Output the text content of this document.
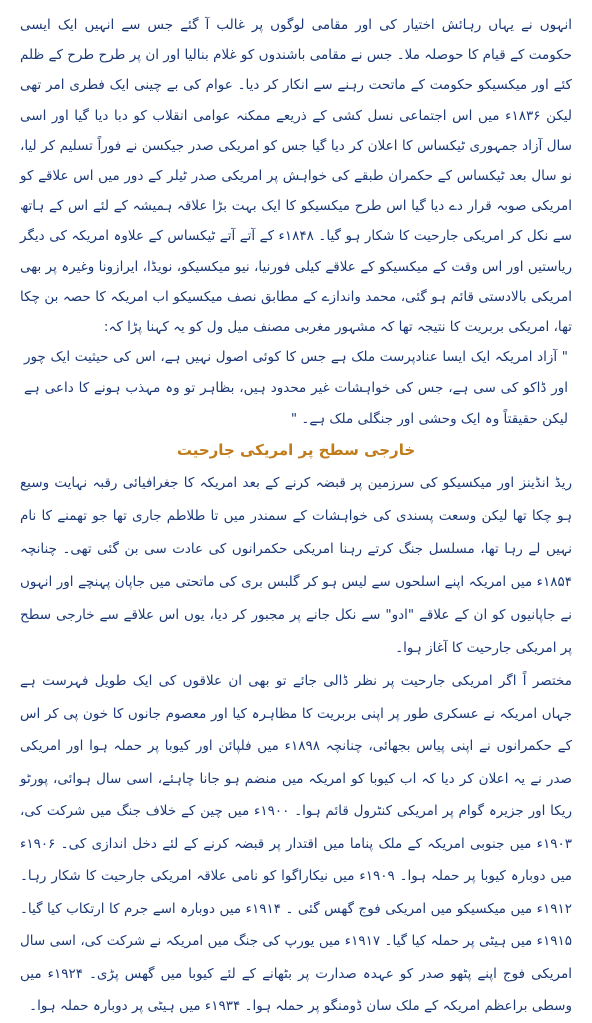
انہوں نے یہاں رہائش اختیار کی اور مقامی لوگوں پر غالب آ گئے جس سے انہیں ایک ایسی حکومت کے قیام کا حوصلہ ملا۔ جس نے مقامی باشندوں کو غلام بنالیا اور ان پر طرح طرح کے ظلم کئے اور میکسیکو حکومت کے ماتحت رہنے سے انکار کر دیا۔ عوام کی بے چینی ایک فطری امر تھی لیکن ۱۸۳۶ء میں اس اجتماعی نسل کشی کے ذریعے ممکنہ عوامی انقلاب کو دبا دیا گیا اور اسی سال آزاد جمہوری ٹیکساس کا اعلان کر دیا گیا جس کو امریکی صدر جیکسن نے فوراً تسلیم کر لیا، نو سال بعد ٹیکساس کے حکمران طبقے کی خواہش پر امریکی صدر ٹیلر کے دور میں اس علاقے کو امریکی صوبہ قرار دے دیا گیا اس طرح میکسیکو کا ایک بہت بڑا علاقہ ہمیشہ کے لئے اس کے ہاتھ سے نکل کر امریکی جارحیت کا شکار ہو گیا۔ ۱۸۴۸ء کے آتے آتے ٹیکساس کے علاوہ امریکہ کی دیگر ریاستیں اور اس وقت کے میکسیکو کے علاقے کیلی فورنیا، نیو میکسیکو، نویڈا، ایرازونا وغیرہ پر بھی امریکی بالادستی قائم ہو گئی، محمد واندازے کے مطابق نصف میکسیکو اب امریکہ کا حصہ بن چکا تھا، امریکی بربریت کا نتیجہ تھا کہ مشہور مغربی مصنف میل ول کو یہ کہنا پڑا کہ:

" آزاد امریکہ ایک ایسا عنادپرست ملک ہے جس کا کوئی اصول نہیں ہے، اس کی حیثیت ایک چور اور ڈاکو کی سی ہے، جس کی خواہشات غیر محدود ہیں، بظاہر تو وہ مہذب ہونے کا داعی ہے لیکن حقیقتاً وہ ایک وحشی اور جنگلی ملک ہے۔ "

خارجی سطح پر امریکی جارحیت

ریڈ انڈینز اور میکسیکو کی سرزمین پر قبضہ کرنے کے بعد امریکہ کا جغرافیائی رقبہ نہایت وسیع ہو چکا تھا لیکن وسعت پسندی کی خواہشات کے سمندر میں تا طلاطم جاری تھا جو تھمنے کا نام نہیں لے رہا تھا، مسلسل جنگ کرتے رہنا امریکی حکمرانوں کی عادت سی بن گئی تھی۔ چنانچہ ۱۸۵۴ء میں امریکہ اپنے اسلحوں سے لیس ہو کر گلبس بری کی ماتحتی میں جاپان پہنچے اور انہوں نے جاپانیوں کو ان کے علاقے "ادو" سے نکل جانے پر مجبور کر دیا، یوں اس علاقے سے خارجی سطح پر امریکی جارحیت کا آغاز ہوا۔

مختصر اً اگر امریکی جارحیت پر نظر ڈالی جائے تو بھی ان علاقوں کی ایک طویل فہرست ہے جہاں امریکہ نے عسکری طور پر اپنی بربریت کا مظاہرہ کیا اور معصوم جانوں کا خون پی کر اس کے حکمرانوں نے اپنی پیاس بجھائی، چنانچہ ۱۸۹۸ء میں فلپائن اور کیوبا پر حملہ ہوا اور امریکی صدر نے یہ اعلان کر دیا کہ اب کیوبا کو امریکہ میں منضم ہو جانا چاہئے، اسی سال ہوائی، پورٹو ریکا اور جزیرہ گوام پر امریکی کنٹرول قائم ہوا۔ ۱۹۰۰ء میں چین کے خلاف جنگ میں شرکت کی، ۱۹۰۳ء میں جنوبی امریکہ کے ملک پناما میں اقتدار پر قبضہ کرنے کے لئے دخل اندازی کی۔ ۱۹۰۶ء میں دوبارہ کیوبا پر حملہ ہوا۔ ۱۹۰۹ء میں نیکاراگوا کو نامی علاقہ امریکی جارحیت کا شکار رہا۔ ۱۹۱۲ء میں میکسیکو میں امریکی فوج گھس گئی ۔ ۱۹۱۴ء میں دوبارہ اسے جرم کا ارتکاب کیا گیا۔ ۱۹۱۵ء میں ہیٹی پر حملہ کیا گیا۔ ۱۹۱۷ء میں یورپ کی جنگ میں امریکہ نے شرکت کی، اسی سال امریکی فوج اپنے پٹھو صدر کو عہدہ صدارت پر بٹھانے کے لئے کیوبا میں گھس پڑی۔ ۱۹۲۴ء میں وسطی براعظم امریکہ کے ملک سان ڈومنگو پر حملہ ہوا۔ ۱۹۳۴ء میں ہیٹی پر دوبارہ حملہ ہوا۔
